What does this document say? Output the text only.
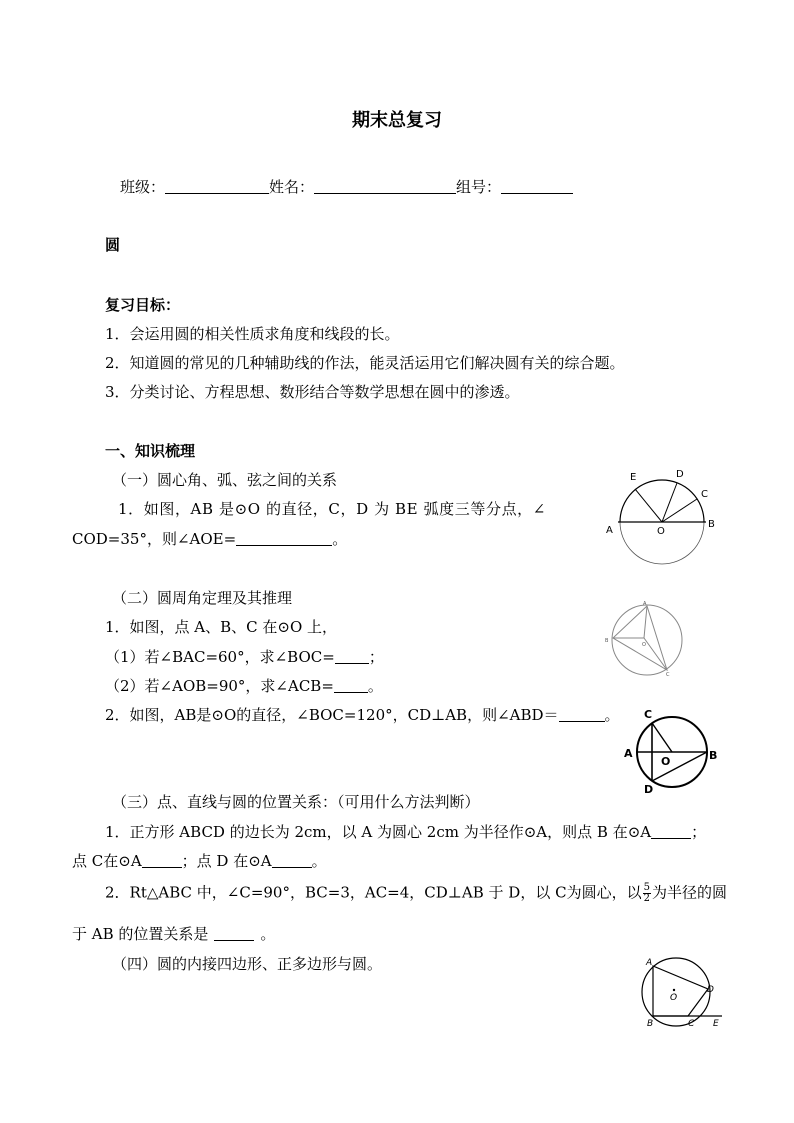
期末总复习
班级：	姓名：	组号：
圆
复习目标：
1．会运用圆的相关性质求角度和线段的长。
2．知道圆的常见的几种辅助线的作法，能灵活运用它们解决圆有关的综合题。
3．分类讨论、方程思想、数形结合等数学思想在圆中的渗透。
一、知识梳理
（一）圆心角、弧、弦之间的关系
1．如图，AB 是⊙O 的直径，C，D 为 BE 弧度三等分点，∠
COD=35°，则∠AOE=	。
（二）圆周角定理及其推理
1．如图，点 A、B、C 在⊙O 上，
（1）若∠BAC=60°，求∠BOC= ；
（2）若∠AOB=90°，求∠ACB= 。
2．如图，AB是⊙O的直径，∠BOC=120°，CD⊥AB，则∠ABD＝	。
（三）点、直线与圆的位置关系：（可用什么方法判断）
1．正方形 ABCD 的边长为 2cm，以 A 为圆心 2cm 为半径作⊙A，则点 B 在⊙A	；
点 C在⊙A	；点 D 在⊙A	。
2．Rt△ABC 中，∠C=90°，BC=3，AC=4，CD⊥AB 于 D，以 C为圆心，以 $\frac{5}{2}$ 为半径的圆
于 AB 的位置关系是	。
（四）圆的内接四边形、正多边形与圆。
E	D
C
A	O
B
A
B
O
C
C
A
O	B
D
A
O
D
B	C E
